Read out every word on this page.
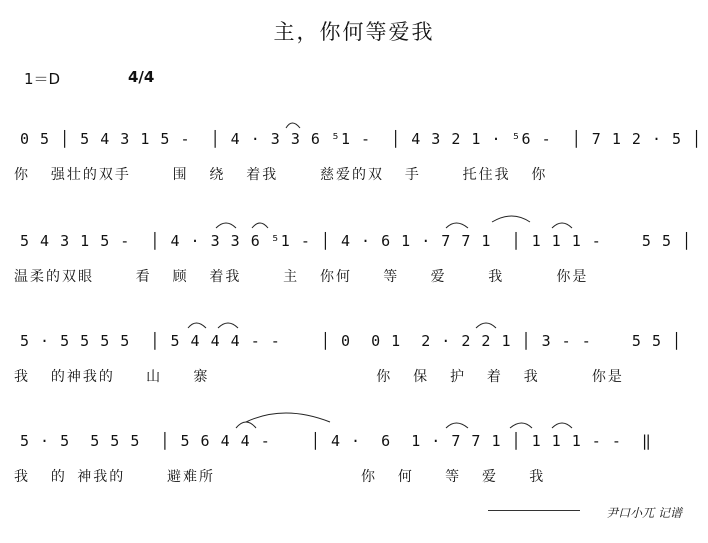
主，你何等爱我
1＝D	4/4
0 5 │ 5 4 3 1 5 -  │ 4 · 3 3 6 ⁵1 -  │ 4 3 2 1 · ⁵6 -  │ 7 1 2 · 5 │
你  强壮的双手    围  绕  着我    慈爱的双  手    托住我  你
5 4 3 1 5 -  │ 4 · 3 3 6 ⁵1 - │ 4 · 6 1 · 7 7 1  │ 1 1 1 -    5 5 │
温柔的双眼    看  顾  着我    主  你何   等   爱    我     你是
5 · 5 5 5 5  │ 5 4 4 4 - -    │ 0  0 1  2 · 2 2 1 │ 3 - -    5 5 │
我  的神我的   山   寨                你  保  护  着  我     你是
5 · 5  5 5 5  │ 5 6 4 4 -    │ 4 ·  6  1 · 7 7 1 │ 1 1 1 - -  ‖
我  的 神我的    避难所              你  何   等  爱   我
尹口小兀 记谱
